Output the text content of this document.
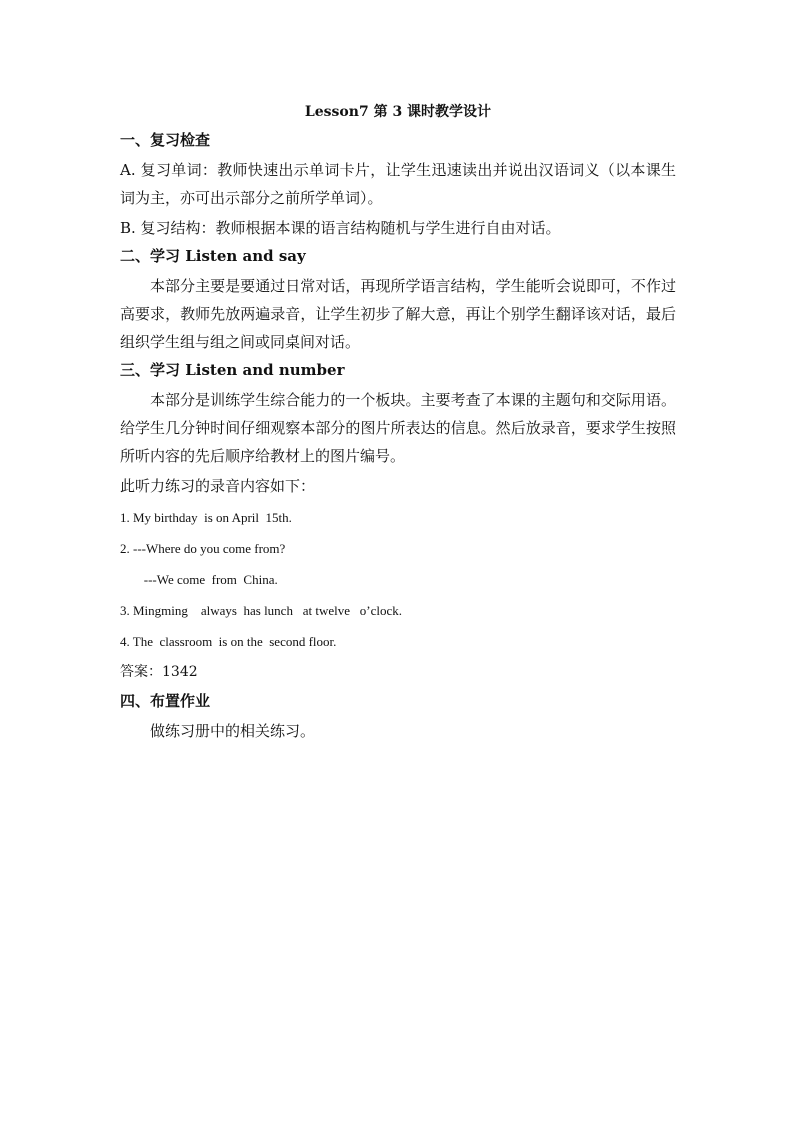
Lesson7 第 3 课时教学设计
一、复习检查

A. 复习单词：教师快速出示单词卡片，让学生迅速读出并说出汉语词义（以本课生词为主，亦可出示部分之前所学单词）。

B. 复习结构：教师根据本课的语言结构随机与学生进行自由对话。

二、学习 Listen and say

本部分主要是要通过日常对话，再现所学语言结构，学生能听会说即可，不作过高要求，教师先放两遍录音，让学生初步了解大意，再让个别学生翻译该对话，最后组织学生组与组之间或同桌间对话。

三、学习 Listen and number

本部分是训练学生综合能力的一个板块。主要考查了本课的主题句和交际用语。给学生几分钟时间仔细观察本部分的图片所表达的信息。然后放录音，要求学生按照所听内容的先后顺序给教材上的图片编号。

此听力练习的录音内容如下：

1. My birthday  is on April  15th.

2. ---Where do you come from?

---We come  from  China.

3. Mingming    always  has lunch   at twelve   o’clock.

4. The  classroom  is on the  second floor.

答案：1342

四、布置作业

做练习册中的相关练习。
